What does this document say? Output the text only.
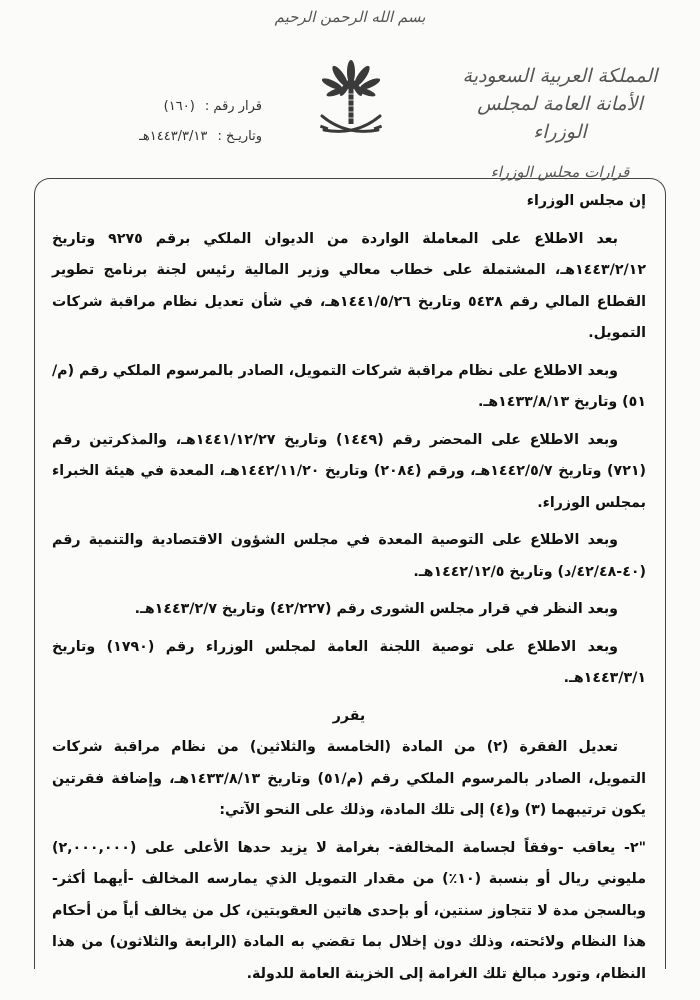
بسم الله الرحمن الرحيم
المملكة العربية السعودية
الأمانة العامة لمجلس الوزراء
قرارات مجلس الوزراء
قرار رقم : (١٦٠)
وتاريـخ : ١٤٤٣/٣/١٣هـ

إن مجلس الوزراء

بعد الاطلاع على المعاملة الواردة من الديوان الملكي برقم ٩٢٧٥ وتاريخ ١٤٤٣/٢/١٢هـ، المشتملة على خطاب معالي وزير المالية رئيس لجنة برنامج تطوير القطاع المالي رقم ٥٤٣٨ وتاريخ ١٤٤١/٥/٢٦هـ، في شأن تعديل نظام مراقبة شركات التمويل.

وبعد الاطلاع على نظام مراقبة شركات التمويل، الصادر بالمرسوم الملكي رقم (م/٥١) وتاريخ ١٤٣٣/٨/١٣هـ.

وبعد الاطلاع على المحضر رقم (١٤٤٩) وتاريخ ١٤٤١/١٢/٢٧هـ، والمذكرتين رقم (٧٢١) وتاريخ ١٤٤٢/٥/٧هـ، ورقم (٢٠٨٤) وتاريخ ١٤٤٢/١١/٢٠هـ، المعدة في هيئة الخبراء بمجلس الوزراء.

وبعد الاطلاع على التوصية المعدة في مجلس الشؤون الاقتصادية والتنمية رقم (٤٠-٤٢/٤٨/د) وتاريخ ١٤٤٢/١٢/٥هـ.

وبعد النظر في قرار مجلس الشورى رقم (٤٢/٢٢٧) وتاريخ ١٤٤٣/٢/٧هـ.

وبعد الاطلاع على توصية اللجنة العامة لمجلس الوزراء رقم (١٧٩٠) وتاريخ ١٤٤٣/٣/١هـ.

يقرر

تعديل الفقرة (٢) من المادة (الخامسة والثلاثين) من نظام مراقبة شركات التمويل، الصادر بالمرسوم الملكي رقم (م/٥١) وتاريخ ١٤٣٣/٨/١٣هـ، وإضافة فقرتين يكون ترتيبهما (٣) و(٤) إلى تلك المادة، وذلك على النحو الآتي:

"٢- يعاقب -وفقاً لجسامة المخالفة- بغرامة لا يزيد حدها الأعلى على (٢,٠٠٠,٠٠٠) مليوني ريال أو بنسبة (١٠٪) من مقدار التمويل الذي يمارسه المخالف -أيهما أكثر- وبالسجن مدة لا تتجاوز سنتين، أو بإحدى هاتين العقوبتين، كل من يخالف أياً من أحكام هذا النظام ولائحته، وذلك دون إخلال بما تقضي به المادة (الرابعة والثلاثون) من هذا النظام، وتورد مبالغ تلك الغرامة إلى الخزينة العامة للدولة.
